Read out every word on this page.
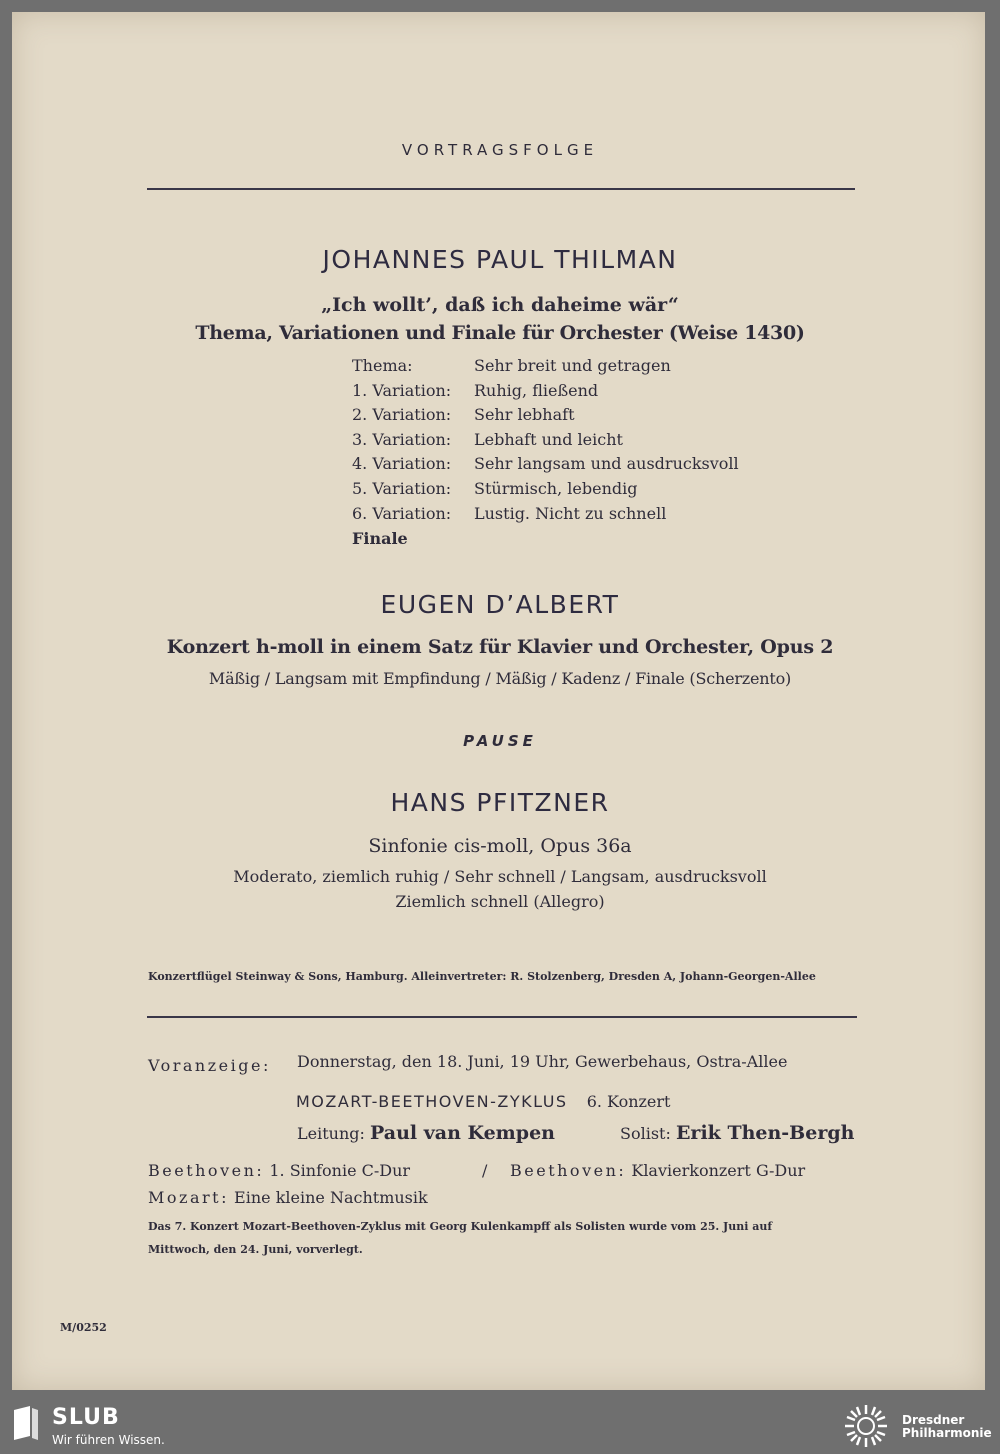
VORTRAGSFOLGE
JOHANNES PAUL THILMAN
„Ich wollt’, daß ich daheime wär“
Thema, Variationen und Finale für Orchester (Weise 1430)
Thema:	Sehr breit und getragen
1. Variation: Ruhig, fließend
2. Variation: Sehr lebhaft
3. Variation: Lebhaft und leicht
4. Variation: Sehr langsam und ausdrucksvoll
5. Variation: Stürmisch, lebendig
6. Variation: Lustig. Nicht zu schnell
Finale
EUGEN D’ALBERT
Konzert h-moll in einem Satz für Klavier und Orchester, Opus 2
Mäßig / Langsam mit Empfindung / Mäßig / Kadenz / Finale (Scherzento)
PAUSE
HANS PFITZNER
Sinfonie cis-moll, Opus 36a
Moderato, ziemlich ruhig / Sehr schnell / Langsam, ausdrucksvoll
Ziemlich schnell (Allegro)
Konzertflügel Steinway & Sons, Hamburg. Alleinvertreter: R. Stolzenberg, Dresden A, Johann-Georgen-Allee
Voranzeige: Donnerstag, den 18. Juni, 19 Uhr, Gewerbehaus, Ostra-Allee
MOZART-BEETHOVEN-ZYKLUS 6. Konzert
Leitung: Paul van Kempen	Solist: Erik Then-Bergh
Beethoven: 1. Sinfonie C-Dur	/ Beethoven: Klavierkonzert G-Dur
Mozart: Eine kleine Nachtmusik
Das 7. Konzert Mozart-Beethoven-Zyklus mit Georg Kulenkampff als Solisten wurde vom 25. Juni auf
Mittwoch, den 24. Juni, vorverlegt.
M/0252
SLUB
Wir führen Wissen.
Dresdner
Philharmonie
